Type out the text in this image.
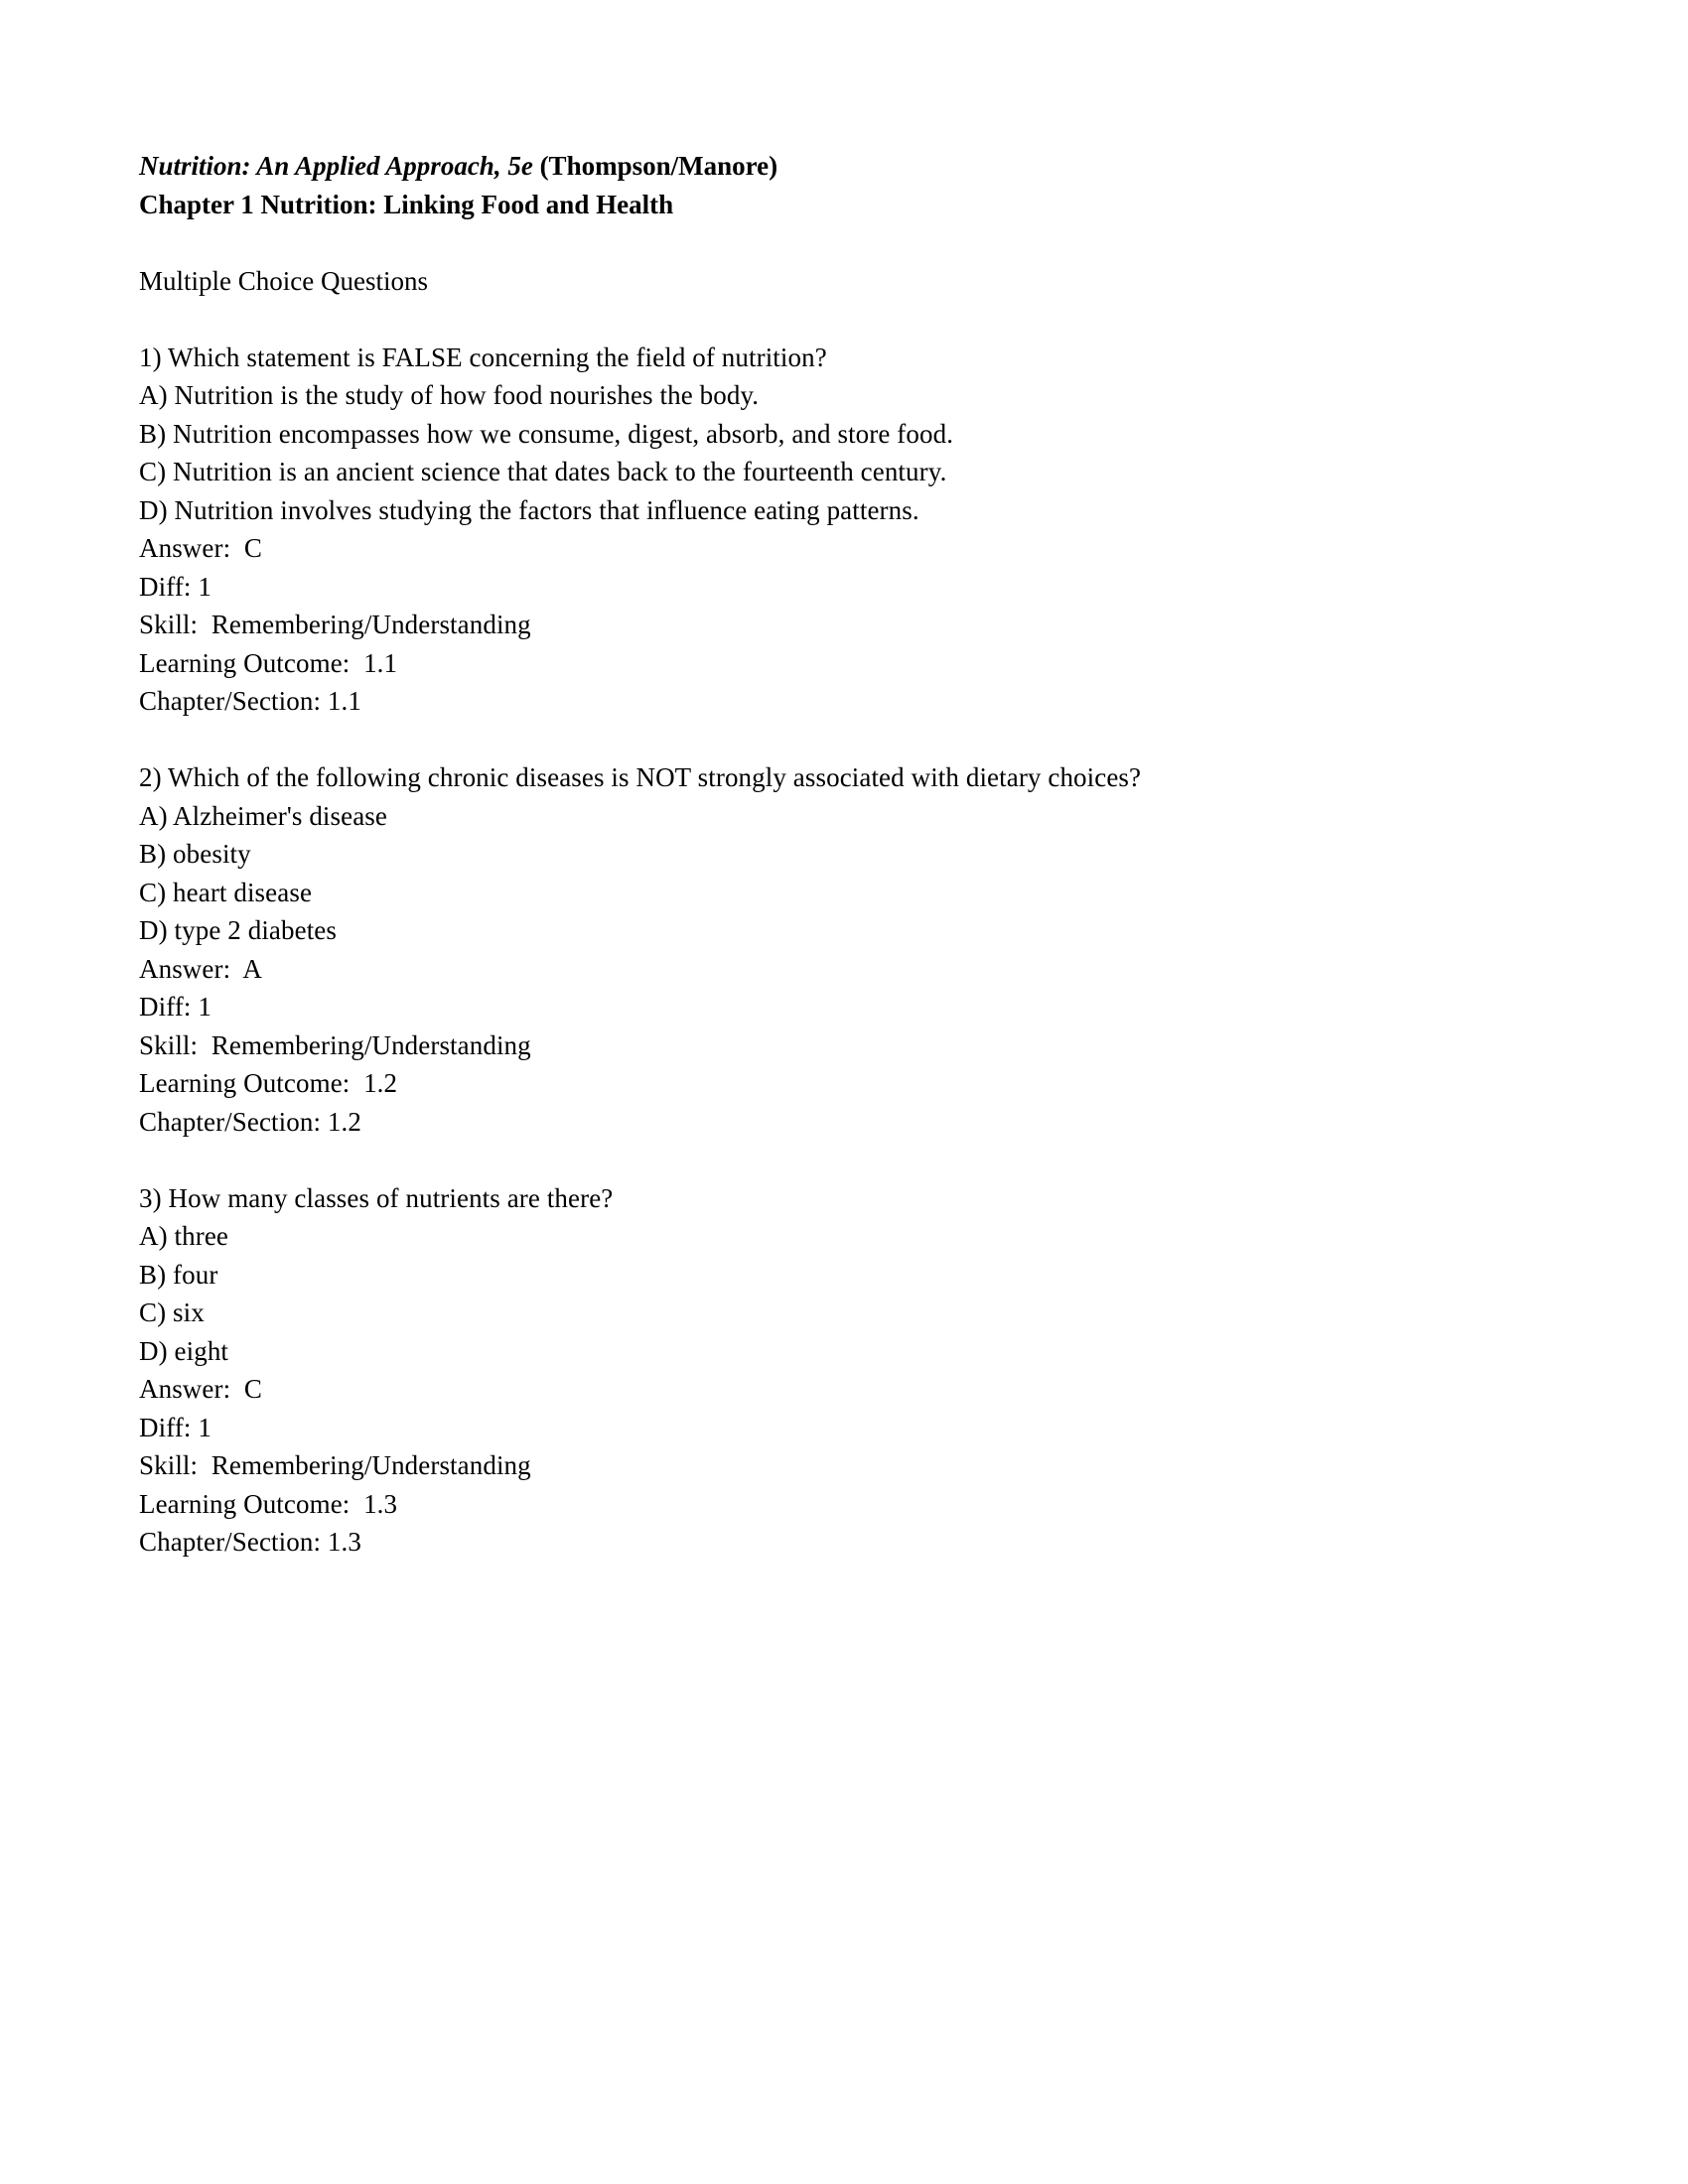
Nutrition: An Applied Approach, 5e (Thompson/Manore)
Chapter 1 Nutrition: Linking Food and Health
Multiple Choice Questions
1) Which statement is FALSE concerning the field of nutrition?
A) Nutrition is the study of how food nourishes the body.
B) Nutrition encompasses how we consume, digest, absorb, and store food.
C) Nutrition is an ancient science that dates back to the fourteenth century.
D) Nutrition involves studying the factors that influence eating patterns.
Answer:  C
Diff: 1
Skill:  Remembering/Understanding
Learning Outcome:  1.1
Chapter/Section: 1.1
2) Which of the following chronic diseases is NOT strongly associated with dietary choices?
A) Alzheimer's disease
B) obesity
C) heart disease
D) type 2 diabetes
Answer:  A
Diff: 1
Skill:  Remembering/Understanding
Learning Outcome:  1.2
Chapter/Section: 1.2
3) How many classes of nutrients are there?
A) three
B) four
C) six
D) eight
Answer:  C
Diff: 1
Skill:  Remembering/Understanding
Learning Outcome:  1.3
Chapter/Section: 1.3
